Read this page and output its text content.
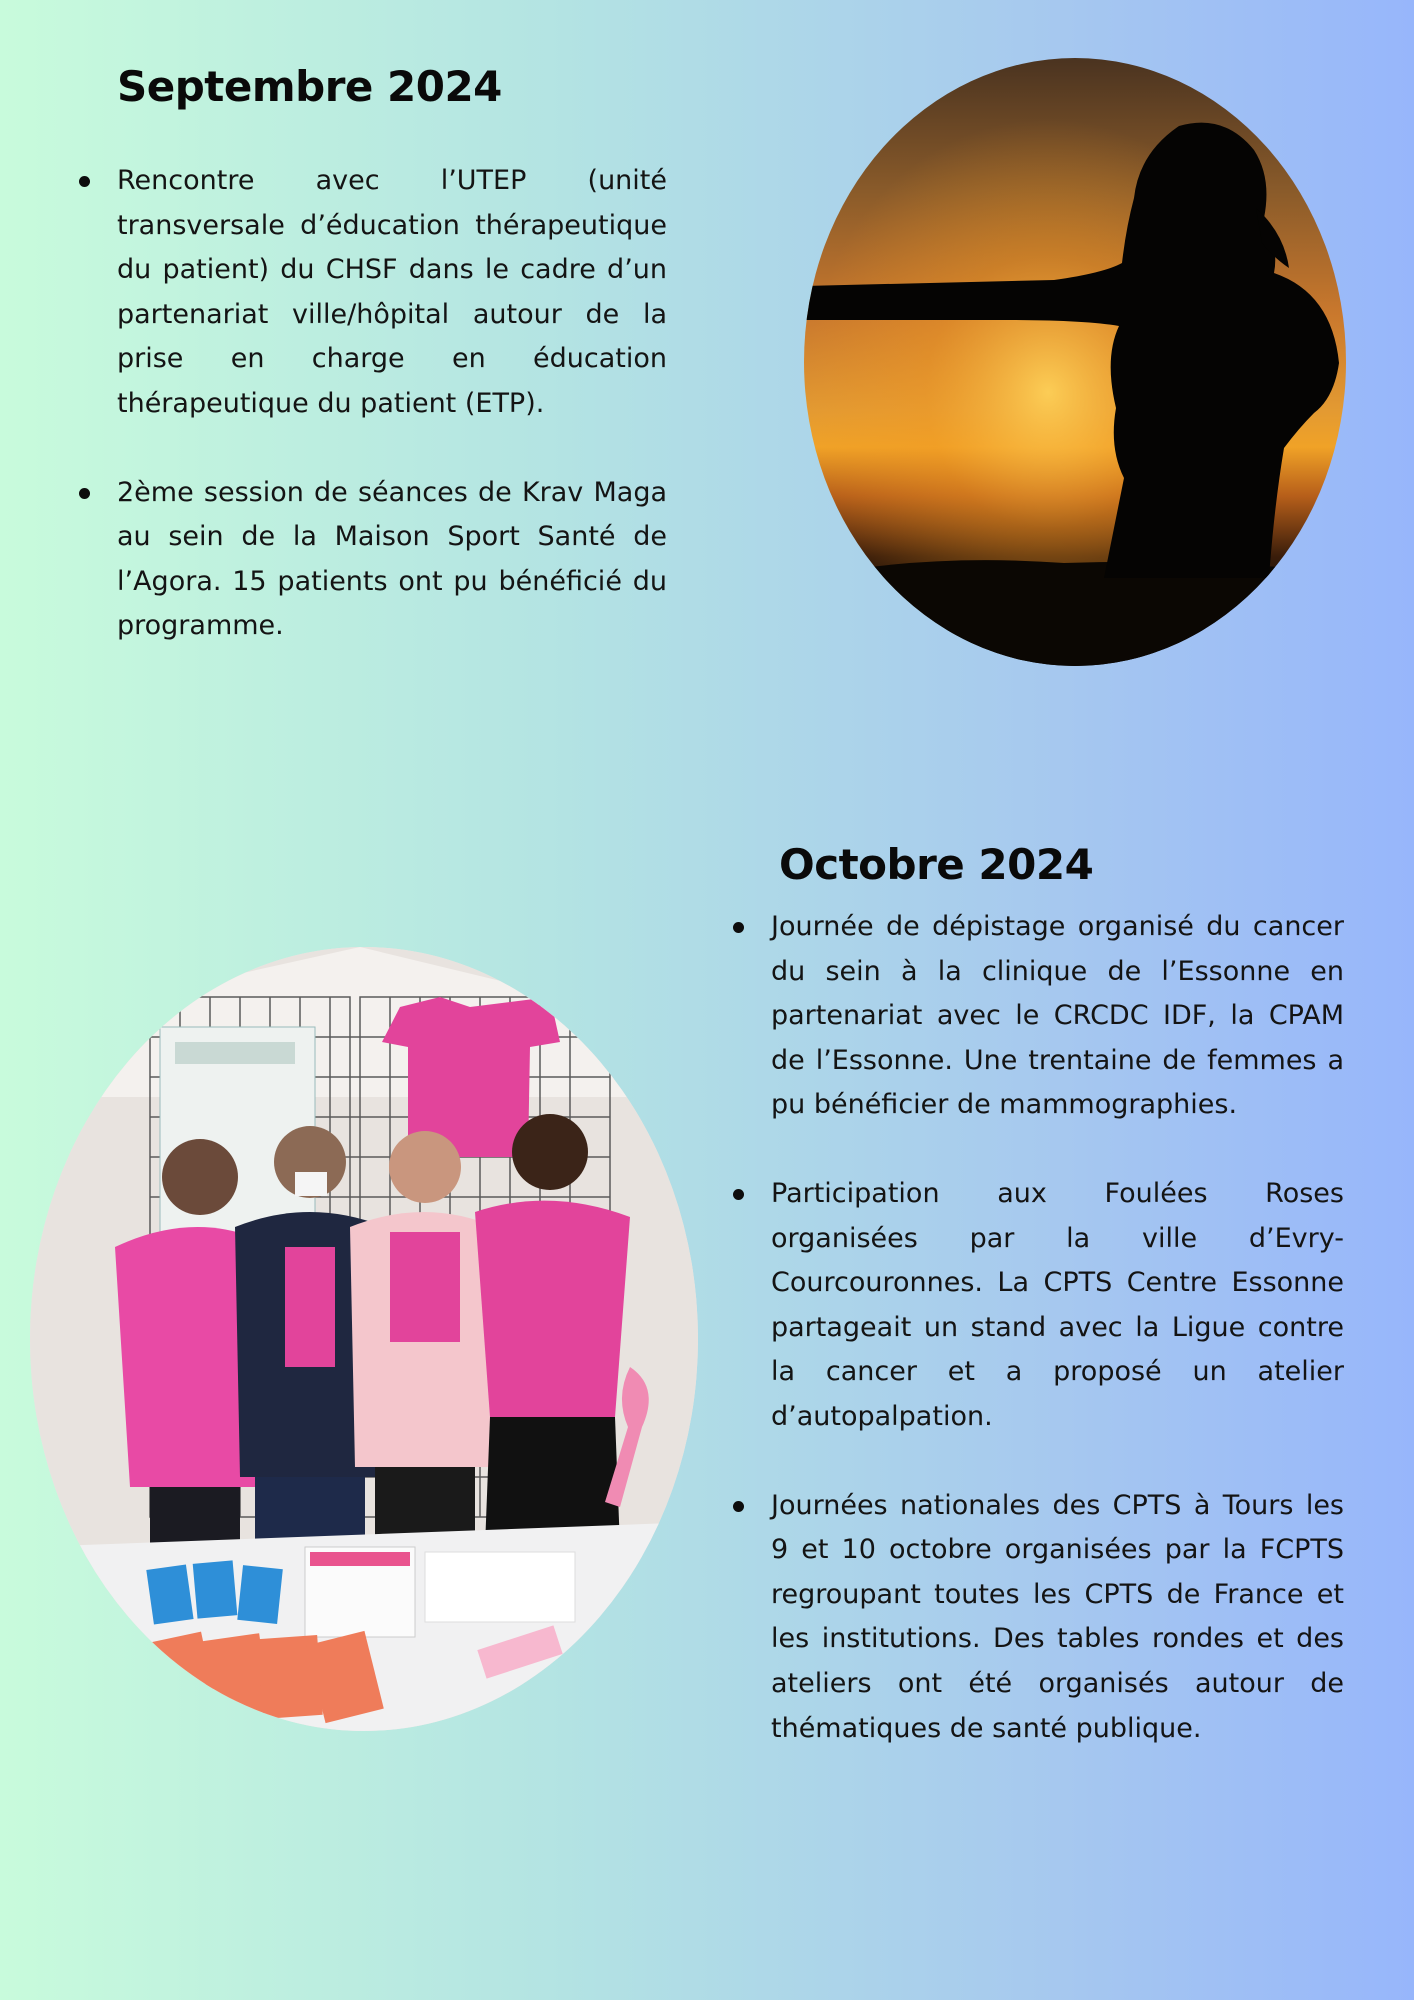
Septembre 2024
Rencontre avec l’UTEP (unité transversale d’éducation thérapeutique du patient) du CHSF dans le cadre d’un partenariat ville/hôpital autour de la prise en charge en éducation thérapeutique du patient (ETP).
2ème session de séances de Krav Maga au sein de la Maison Sport Santé de l’Agora. 15 patients ont pu bénéficié du programme.
Octobre 2024
Journée de dépistage organisé du cancer du sein à la clinique de l’Essonne en partenariat avec le CRCDC IDF, la CPAM de l’Essonne. Une trentaine de femmes a pu bénéficier de mammographies.
Participation aux Foulées Roses organisées par la ville d’Evry-Courcouronnes. La CPTS Centre Essonne partageait un stand avec la Ligue contre la cancer et a proposé un atelier d’autopalpation.
Journées nationales des CPTS à Tours les 9 et 10 octobre organisées par la FCPTS regroupant toutes les CPTS de France et les institutions. Des tables rondes et des ateliers ont été organisés autour de thématiques de santé publique.
